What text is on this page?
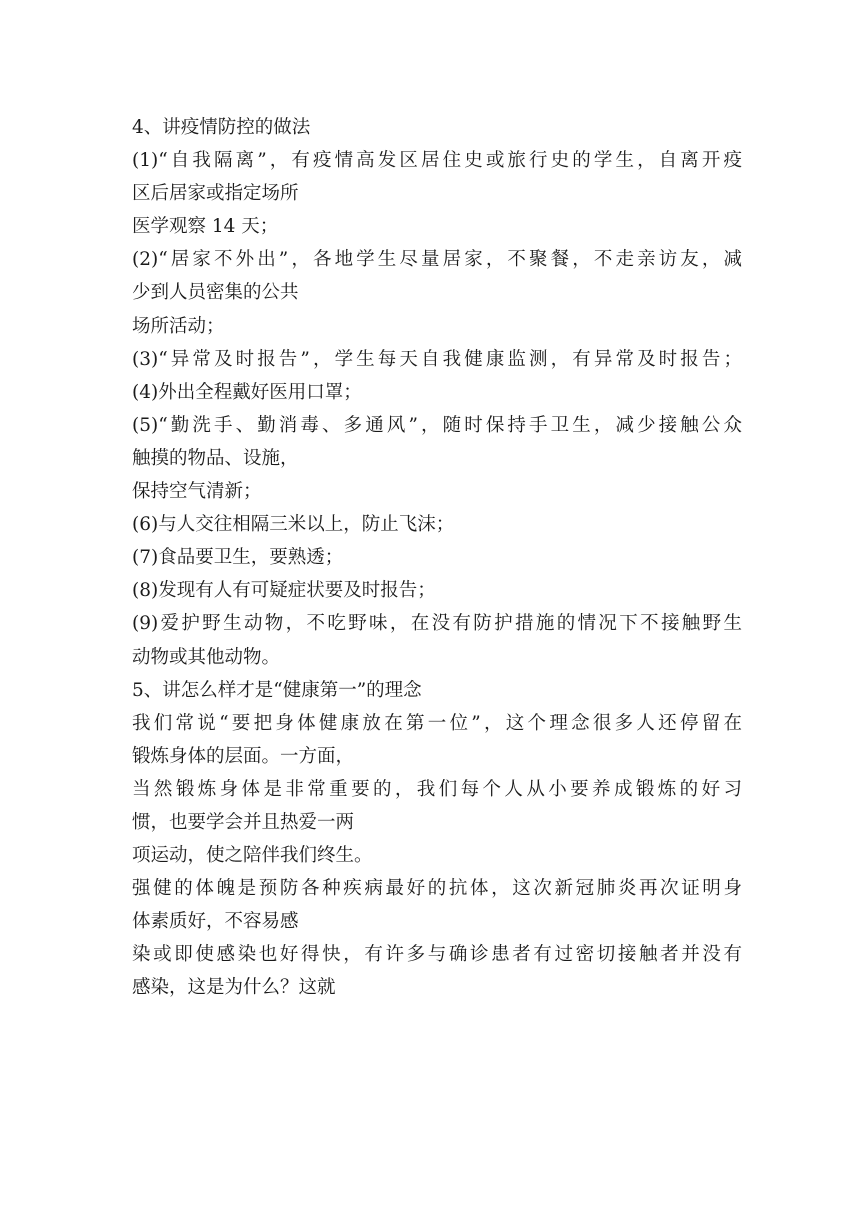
4、讲疫情防控的做法
(1)“自我隔离”，有疫情高发区居住史或旅行史的学生，自离开疫
区后居家或指定场所
医学观察 14 天；
(2)“居家不外出”，各地学生尽量居家，不聚餐，不走亲访友，减
少到人员密集的公共
场所活动；
(3)“异常及时报告”，学生每天自我健康监测，有异常及时报告；
(4)外出全程戴好医用口罩；
(5)“勤洗手、勤消毒、多通风”，随时保持手卫生，减少接触公众
触摸的物品、设施，
保持空气清新；
(6)与人交往相隔三米以上，防止飞沫；
(7)食品要卫生，要熟透；
(8)发现有人有可疑症状要及时报告；
(9)爱护野生动物，不吃野味，在没有防护措施的情况下不接触野生
动物或其他动物。
5、讲怎么样才是“健康第一”的理念
我们常说“要把身体健康放在第一位”，这个理念很多人还停留在
锻炼身体的层面。一方面，
当然锻炼身体是非常重要的，我们每个人从小要养成锻炼的好习
惯，也要学会并且热爱一两
项运动，使之陪伴我们终生。
强健的体魄是预防各种疾病最好的抗体，这次新冠肺炎再次证明身
体素质好，不容易感
染或即使感染也好得快，有许多与确诊患者有过密切接触者并没有
感染，这是为什么？这就
